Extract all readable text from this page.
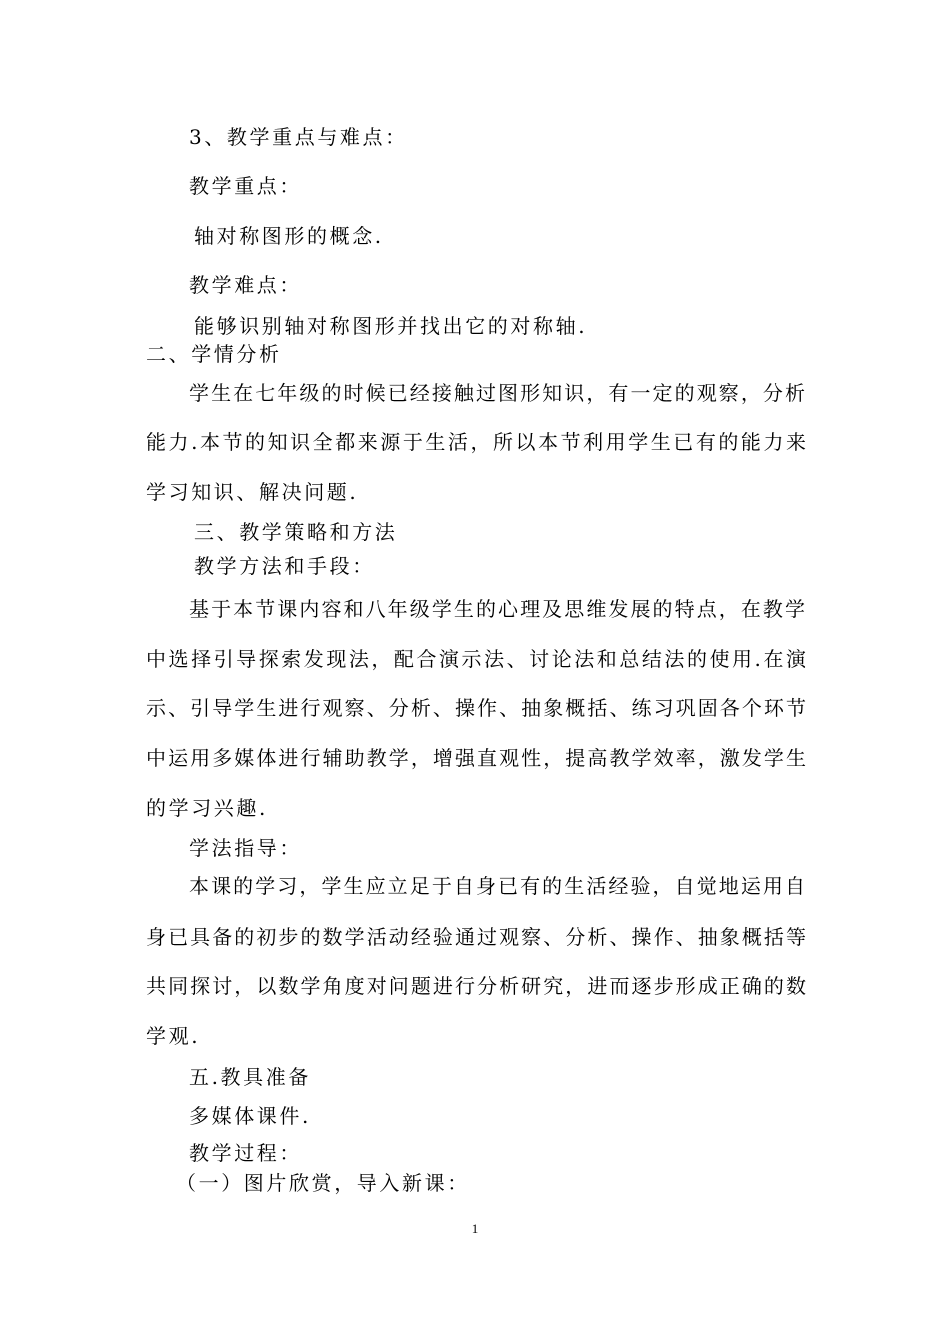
3、教学重点与难点：
教学重点：
轴对称图形的概念.
教学难点：
能够识别轴对称图形并找出它的对称轴.
二、学情分析
学生在七年级的时候已经接触过图形知识，有一定的观察，分析
能力.本节的知识全都来源于生活，所以本节利用学生已有的能力来
学习知识、解决问题.
三、教学策略和方法
教学方法和手段：
基于本节课内容和八年级学生的心理及思维发展的特点，在教学
中选择引导探索发现法，配合演示法、讨论法和总结法的使用.在演
示、引导学生进行观察、分析、操作、抽象概括、练习巩固各个环节
中运用多媒体进行辅助教学，增强直观性，提高教学效率，激发学生
的学习兴趣.
学法指导：
本课的学习，学生应立足于自身已有的生活经验，自觉地运用自
身已具备的初步的数学活动经验通过观察、分析、操作、抽象概括等
共同探讨，以数学角度对问题进行分析研究，进而逐步形成正确的数
学观.
五.教具准备
多媒体课件.
教学过程：
（一）图片欣赏，导入新课：
1
